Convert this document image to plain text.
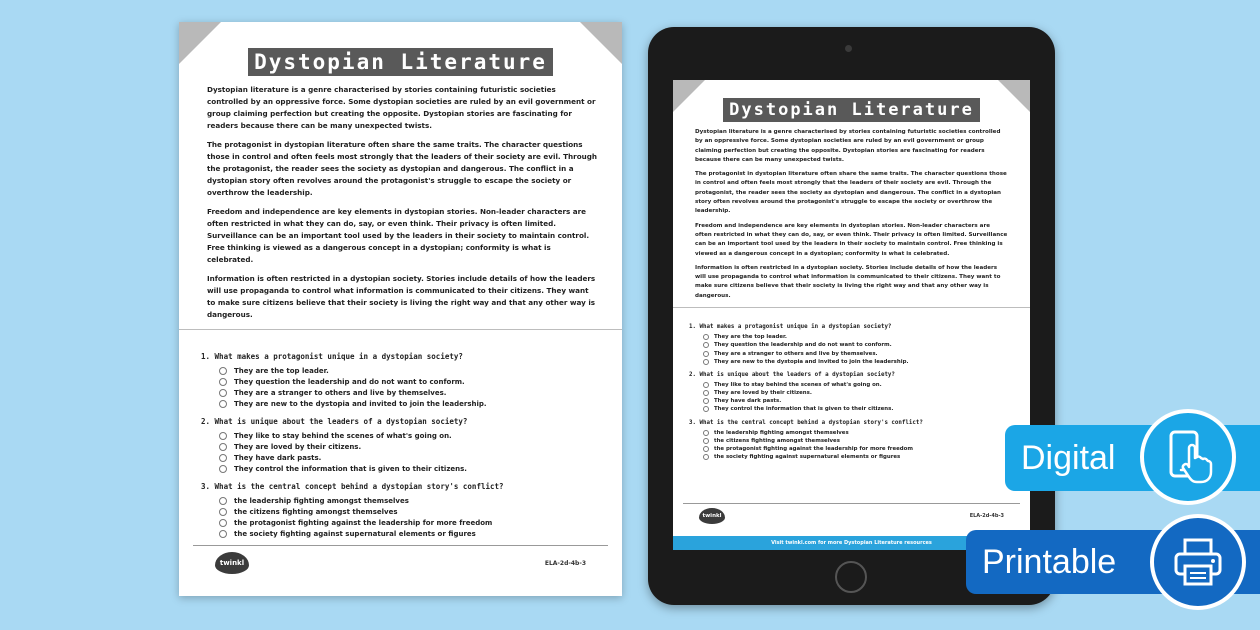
Dystopian Literature

Dystopian literature is a genre characterised by stories containing futuristic societies controlled by an oppressive force. Some dystopian societies are ruled by an evil government or group claiming perfection but creating the opposite. Dystopian stories are fascinating for readers because there can be many unexpected twists.

The protagonist in dystopian literature often share the same traits. The character questions those in control and often feels most strongly that the leaders of their society are evil. Through the protagonist, the reader sees the society as dystopian and dangerous. The conflict in a dystopian story often revolves around the protagonist's struggle to escape the society or overthrow the leadership.

Freedom and independence are key elements in dystopian stories. Non-leader characters are often restricted in what they can do, say, or even think. Their privacy is often limited. Surveillance can be an important tool used by the leaders in their society to maintain control. Free thinking is viewed as a dangerous concept in a dystopian; conformity is what is celebrated.

Information is often restricted in a dystopian society. Stories include details of how the leaders will use propaganda to control what information is communicated to their citizens. They want to make sure citizens believe that their society is living the right way and that any other way is dangerous.

1. What makes a protagonist unique in a dystopian society?
They are the top leader.
They question the leadership and do not want to conform.
They are a stranger to others and live by themselves.
They are new to the dystopia and invited to join the leadership.
2. What is unique about the leaders of a dystopian society?
They like to stay behind the scenes of what's going on.
They are loved by their citizens.
They have dark pasts.
They control the information that is given to their citizens.
3. What is the central concept behind a dystopian story's conflict?
the leadership fighting amongst themselves
the citizens fighting amongst themselves
the protagonist fighting against the leadership for more freedom
the society fighting against supernatural elements or figures
twinkl	ELA-2d-4b-3
Dystopian Literature

Dystopian literature is a genre characterised by stories containing futuristic societies controlled by an oppressive force. Some dystopian societies are ruled by an evil government or group claiming perfection but creating the opposite. Dystopian stories are fascinating for readers because there can be many unexpected twists.

The protagonist in dystopian literature often share the same traits. The character questions those in control and often feels most strongly that the leaders of their society are evil. Through the protagonist, the reader sees the society as dystopian and dangerous. The conflict in a dystopian story often revolves around the protagonist's struggle to escape the society or overthrow the leadership.

Freedom and independence are key elements in dystopian stories. Non-leader characters are often restricted in what they can do, say, or even think. Their privacy is often limited. Surveillance can be an important tool used by the leaders in their society to maintain control. Free thinking is viewed as a dangerous concept in a dystopian; conformity is what is celebrated.

Information is often restricted in a dystopian society. Stories include details of how the leaders will use propaganda to control what information is communicated to their citizens. They want to make sure citizens believe that their society is living the right way and that any other way is dangerous.

1. What makes a protagonist unique in a dystopian society?
They are the top leader.
They question the leadership and do not want to conform.
They are a stranger to others and live by themselves.
They are new to the dystopia and invited to join the leadership.
2. What is unique about the leaders of a dystopian society?
They like to stay behind the scenes of what's going on.
They are loved by their citizens.
They have dark pasts.
They control the information that is given to their citizens.
3. What is the central concept behind a dystopian story's conflict?
the leadership fighting amongst themselves
the citizens fighting amongst themselves
the protagonist fighting against the leadership for more freedom
the society fighting against supernatural elements or figures
twinkl	ELA-2d-4b-3
Visit twinkl.com for more Dystopian Literature resources
Digital
Printable
